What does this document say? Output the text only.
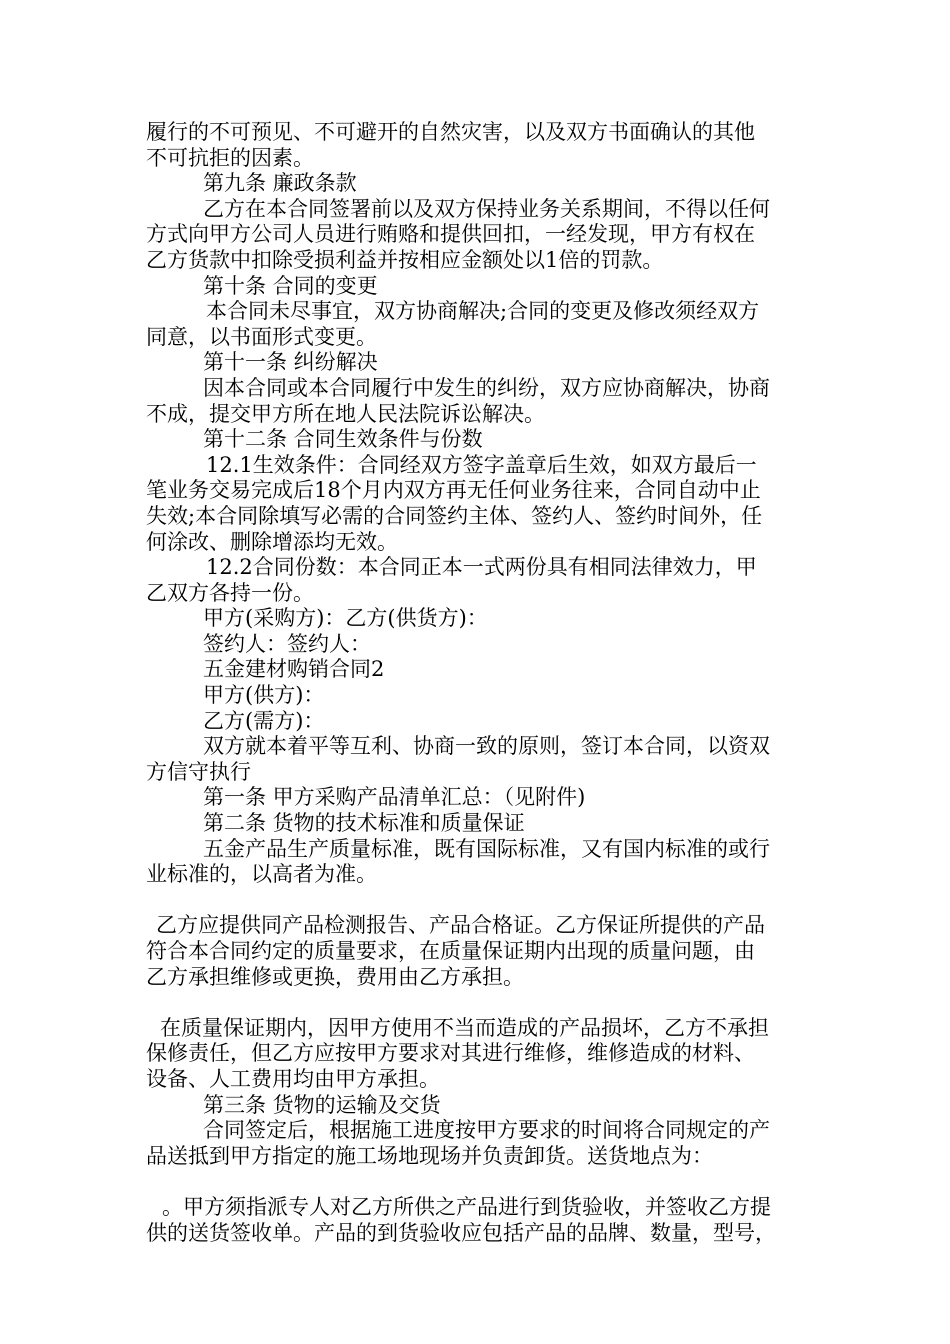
履行的不可预见、不可避开的自然灾害，以及双方书面确认的其他
不可抗拒的因素。
第九条 廉政条款
乙方在本合同签署前以及双方保持业务关系期间，不得以任何
方式向甲方公司人员进行贿赂和提供回扣，一经发现，甲方有权在
乙方货款中扣除受损利益并按相应金额处以1倍的罚款。
第十条 合同的变更
本合同未尽事宜，双方协商解决;合同的变更及修改须经双方
同意，以书面形式变更。
第十一条 纠纷解决
因本合同或本合同履行中发生的纠纷，双方应协商解决，协商
不成，提交甲方所在地人民法院诉讼解决。
第十二条 合同生效条件与份数
12.1生效条件：合同经双方签字盖章后生效，如双方最后一
笔业务交易完成后18个月内双方再无任何业务往来，合同自动中止
失效;本合同除填写必需的合同签约主体、签约人、签约时间外，任
何涂改、删除增添均无效。
12.2合同份数：本合同正本一式两份具有相同法律效力，甲
乙双方各持一份。
甲方(采购方)：乙方(供货方)：
签约人：签约人：
五金建材购销合同2
甲方(供方)：
乙方(需方)：
双方就本着平等互利、协商一致的原则，签订本合同，以资双
方信守执行
第一条 甲方采购产品清单汇总：（见附件)
第二条 货物的技术标准和质量保证
五金产品生产质量标准，既有国际标准，又有国内标准的或行
业标准的，以高者为准。
乙方应提供同产品检测报告、产品合格证。乙方保证所提供的产品
符合本合同约定的质量要求，在质量保证期内出现的质量问题，由
乙方承担维修或更换，费用由乙方承担。
在质量保证期内，因甲方使用不当而造成的产品损坏，乙方不承担
保修责任，但乙方应按甲方要求对其进行维修，维修造成的材料、
设备、人工费用均由甲方承担。
第三条 货物的运输及交货
合同签定后，根据施工进度按甲方要求的时间将合同规定的产
品送抵到甲方指定的施工场地现场并负责卸货。送货地点为：
。甲方须指派专人对乙方所供之产品进行到货验收，并签收乙方提
供的送货签收单。产品的到货验收应包括产品的品牌、数量，型号，
